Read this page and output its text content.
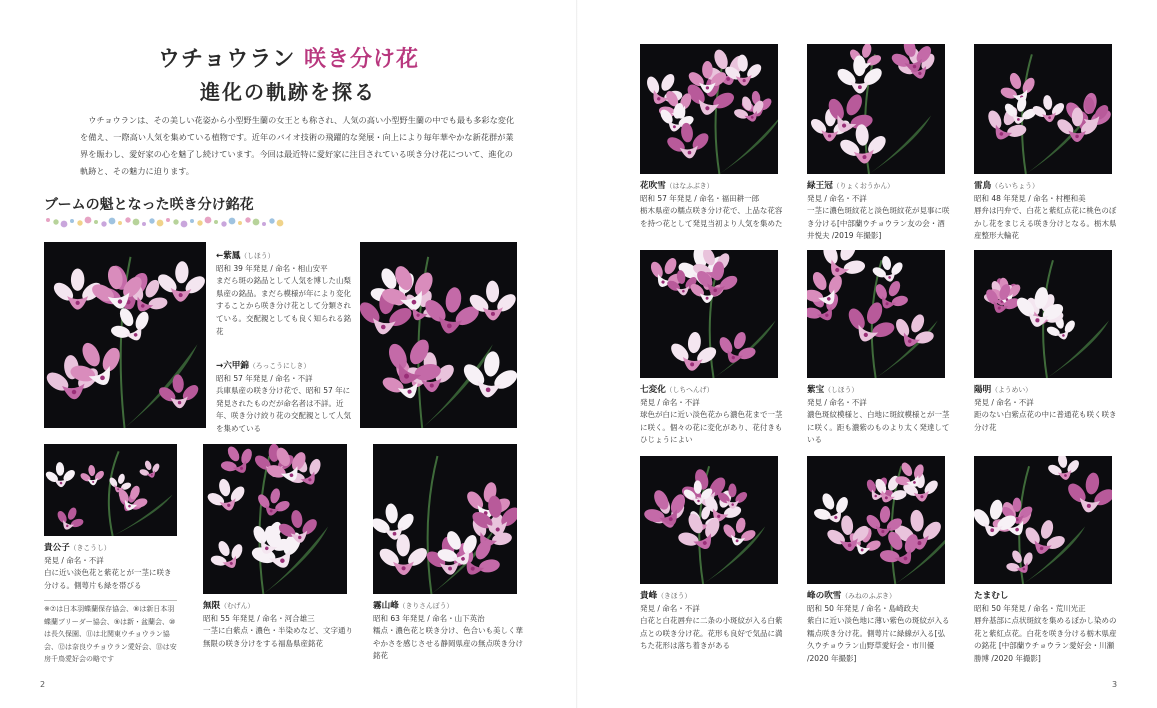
ウチョウラン 咲き分け花
進化の軌跡を探る

ウチョウランは、その美しい花姿から小型野生蘭の女王とも称され、人気の高い小型野生蘭の中でも最も多彩な変化を備え、一際高い人気を集めている植物です。近年のバイオ技術の飛躍的な発展・向上により毎年華やかな新花群が業界を賑わし、愛好家の心を魅了し続けています。今回は最近特に愛好家に注目されている咲き分け花について、進化の軌跡と、その魅力に迫ります。

ブームの魁となった咲き分け銘花
←紫鳳（しほう）
昭和 39 年発見 / 命名・相山安平
まだら斑の銘品として人気を博した山梨県産の銘品。まだら模様が年により変化することから咲き分け花として分類されている。交配親としても良く知られる銘花
→六甲錦（ろっこうにしき）
昭和 57 年発見 / 命名・不詳
兵庫県産の咲き分け花で、昭和 57 年に発見されたものだが命名者は不詳。近年、咲き分け絞り花の交配親として人気を集めている
貴公子（きこうし）
発見 / 命名・不詳
白に近い淡色花と紫花とが一茎に咲き分ける。側萼片も緑を帯びる
※⑦は日本羽蝶蘭保存協会、⑧は新日本羽蝶蘭ブリーダー協会、⑨は新・盆蘭会、⑩は長久保園、⑪は北関東ウチョウラン協会、⑫は奈良ウチョウラン愛好会、⑬は安房千鳥愛好会の略です
無限（むげん）
昭和 55 年発見 / 命名・河合雄三
一茎に白紫点・濃色・半染めなど、文字通り無限の咲き分けをする福島県産銘花
霧山峰（きりさんぽう）
昭和 63 年発見 / 命名・山下英治
糯点・濃色花と咲き分け、色合いも美しく華やかさを感じさせる静岡県産の無点咲き分け銘花
2
花吹雪（はなふぶき）
昭和 57 年発見 / 命名・福田耕一郎
栃木県産の糯点咲き分け花で、上品な花容を持つ花として発見当初より人気を集めた
緑王冠（りょくおうかん）
発見 / 命名・不詳
一茎に濃色斑紋花と淡色斑紋花が見事に咲き分ける[中部蘭ウチョウラン友の会・酒井悦夫 /2019 年撮影]
雷鳥（らいちょう）
昭和 48 年発見 / 命名・村樫和美
唇弁は円弁で、白花と紫紅点花に桃色のぼかし花をまじえる咲き分けとなる。栃木県産整形大輪花
七変化（しちへんげ）
発見 / 命名・不詳
球色が白に近い淡色花から濃色花まで一茎に咲く。個々の花に変化があり、花付きもひじょうによい
紫宝（しほう）
発見 / 命名・不詳
濃色斑紋模様と、白地に斑紋模様とが一茎に咲く。距も濃紫のものより太く発達している
陽明（ようめい）
発見 / 命名・不詳
距のない白紫点花の中に普通花も咲く咲き分け花
貴峰（きほう）
発見 / 命名・不詳
白花と白花唇弁に二条の小斑紋が入る白紫点との咲き分け花。花形も良好で気品に満ちた花形は落ち着きがある
峰の吹雪（みねのふぶき）
昭和 50 年発見 / 命名・島崎政夫
紫白に近い淡色地に薄い紫色の斑紋が入る糯点咲き分け花。側萼片に緑線が入る[弘久ウチョウラン山野草愛好会・市川優 /2020 年撮影]
たまむし
昭和 50 年発見 / 命名・荒川光正
唇弁基部に点状斑紋を集めるぼかし染めの花と紫紅点花。白花を咲き分ける栃木県産の銘花 [中部蘭ウチョウラン愛好会・川瀬勝博 /2020 年撮影]
3
